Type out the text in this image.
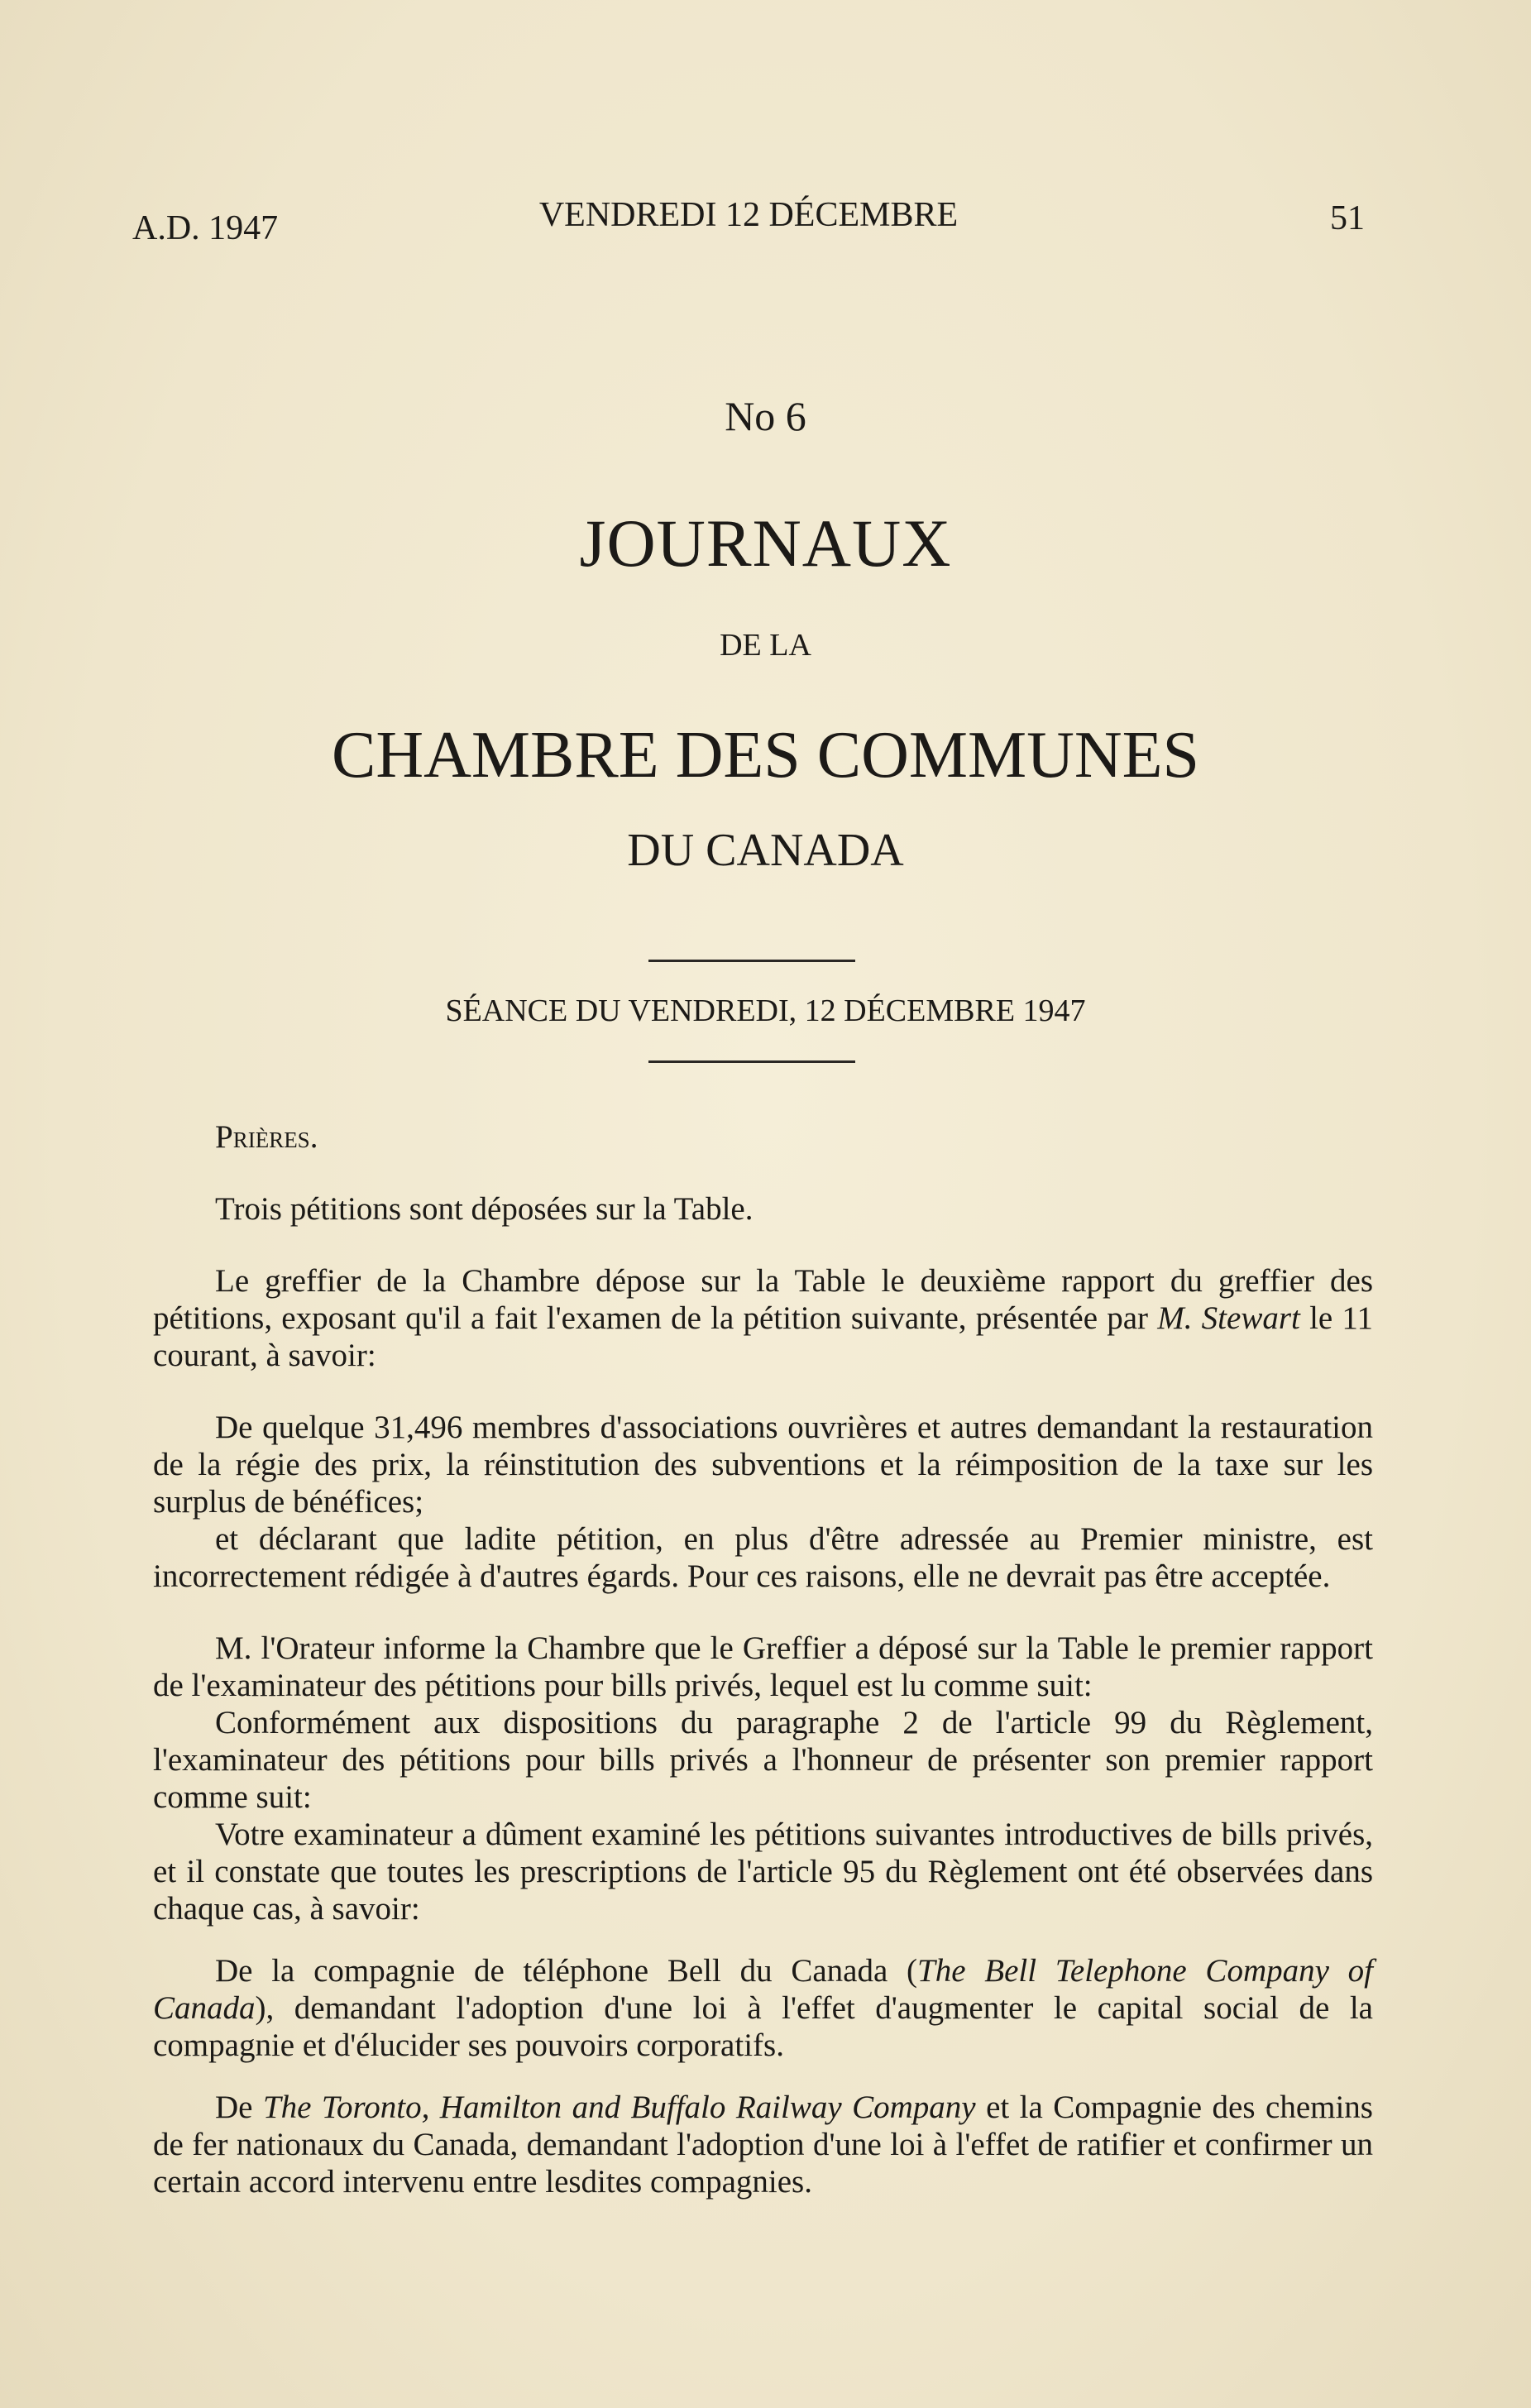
A.D. 1947	VENDREDI 12 DÉCEMBRE	51
No 6
JOURNAUX
DE LA
CHAMBRE DES COMMUNES
DU CANADA
SÉANCE DU VENDREDI, 12 DÉCEMBRE 1947

Prières.

Trois pétitions sont déposées sur la Table.

Le greffier de la Chambre dépose sur la Table le deuxième rapport du greffier des pétitions, exposant qu'il a fait l'examen de la pétition suivante, présentée par M. Stewart le 11 courant, à savoir:

De quelque 31,496 membres d'associations ouvrières et autres demandant la restauration de la régie des prix, la réinstitution des subventions et la réimposition de la taxe sur les surplus de bénéfices;

et déclarant que ladite pétition, en plus d'être adressée au Premier ministre, est incorrectement rédigée à d'autres égards. Pour ces raisons, elle ne devrait pas être acceptée.

M. l'Orateur informe la Chambre que le Greffier a déposé sur la Table le premier rapport de l'examinateur des pétitions pour bills privés, lequel est lu comme suit:

Conformément aux dispositions du paragraphe 2 de l'article 99 du Règlement, l'examinateur des pétitions pour bills privés a l'honneur de présenter son premier rapport comme suit:

Votre examinateur a dûment examiné les pétitions suivantes introductives de bills privés, et il constate que toutes les prescriptions de l'article 95 du Règlement ont été observées dans chaque cas, à savoir:

De la compagnie de téléphone Bell du Canada (The Bell Telephone Company of Canada), demandant l'adoption d'une loi à l'effet d'augmenter le capital social de la compagnie et d'élucider ses pouvoirs corporatifs.

De The Toronto, Hamilton and Buffalo Railway Company et la Compagnie des chemins de fer nationaux du Canada, demandant l'adoption d'une loi à l'effet de ratifier et confirmer un certain accord intervenu entre lesdites compagnies.
